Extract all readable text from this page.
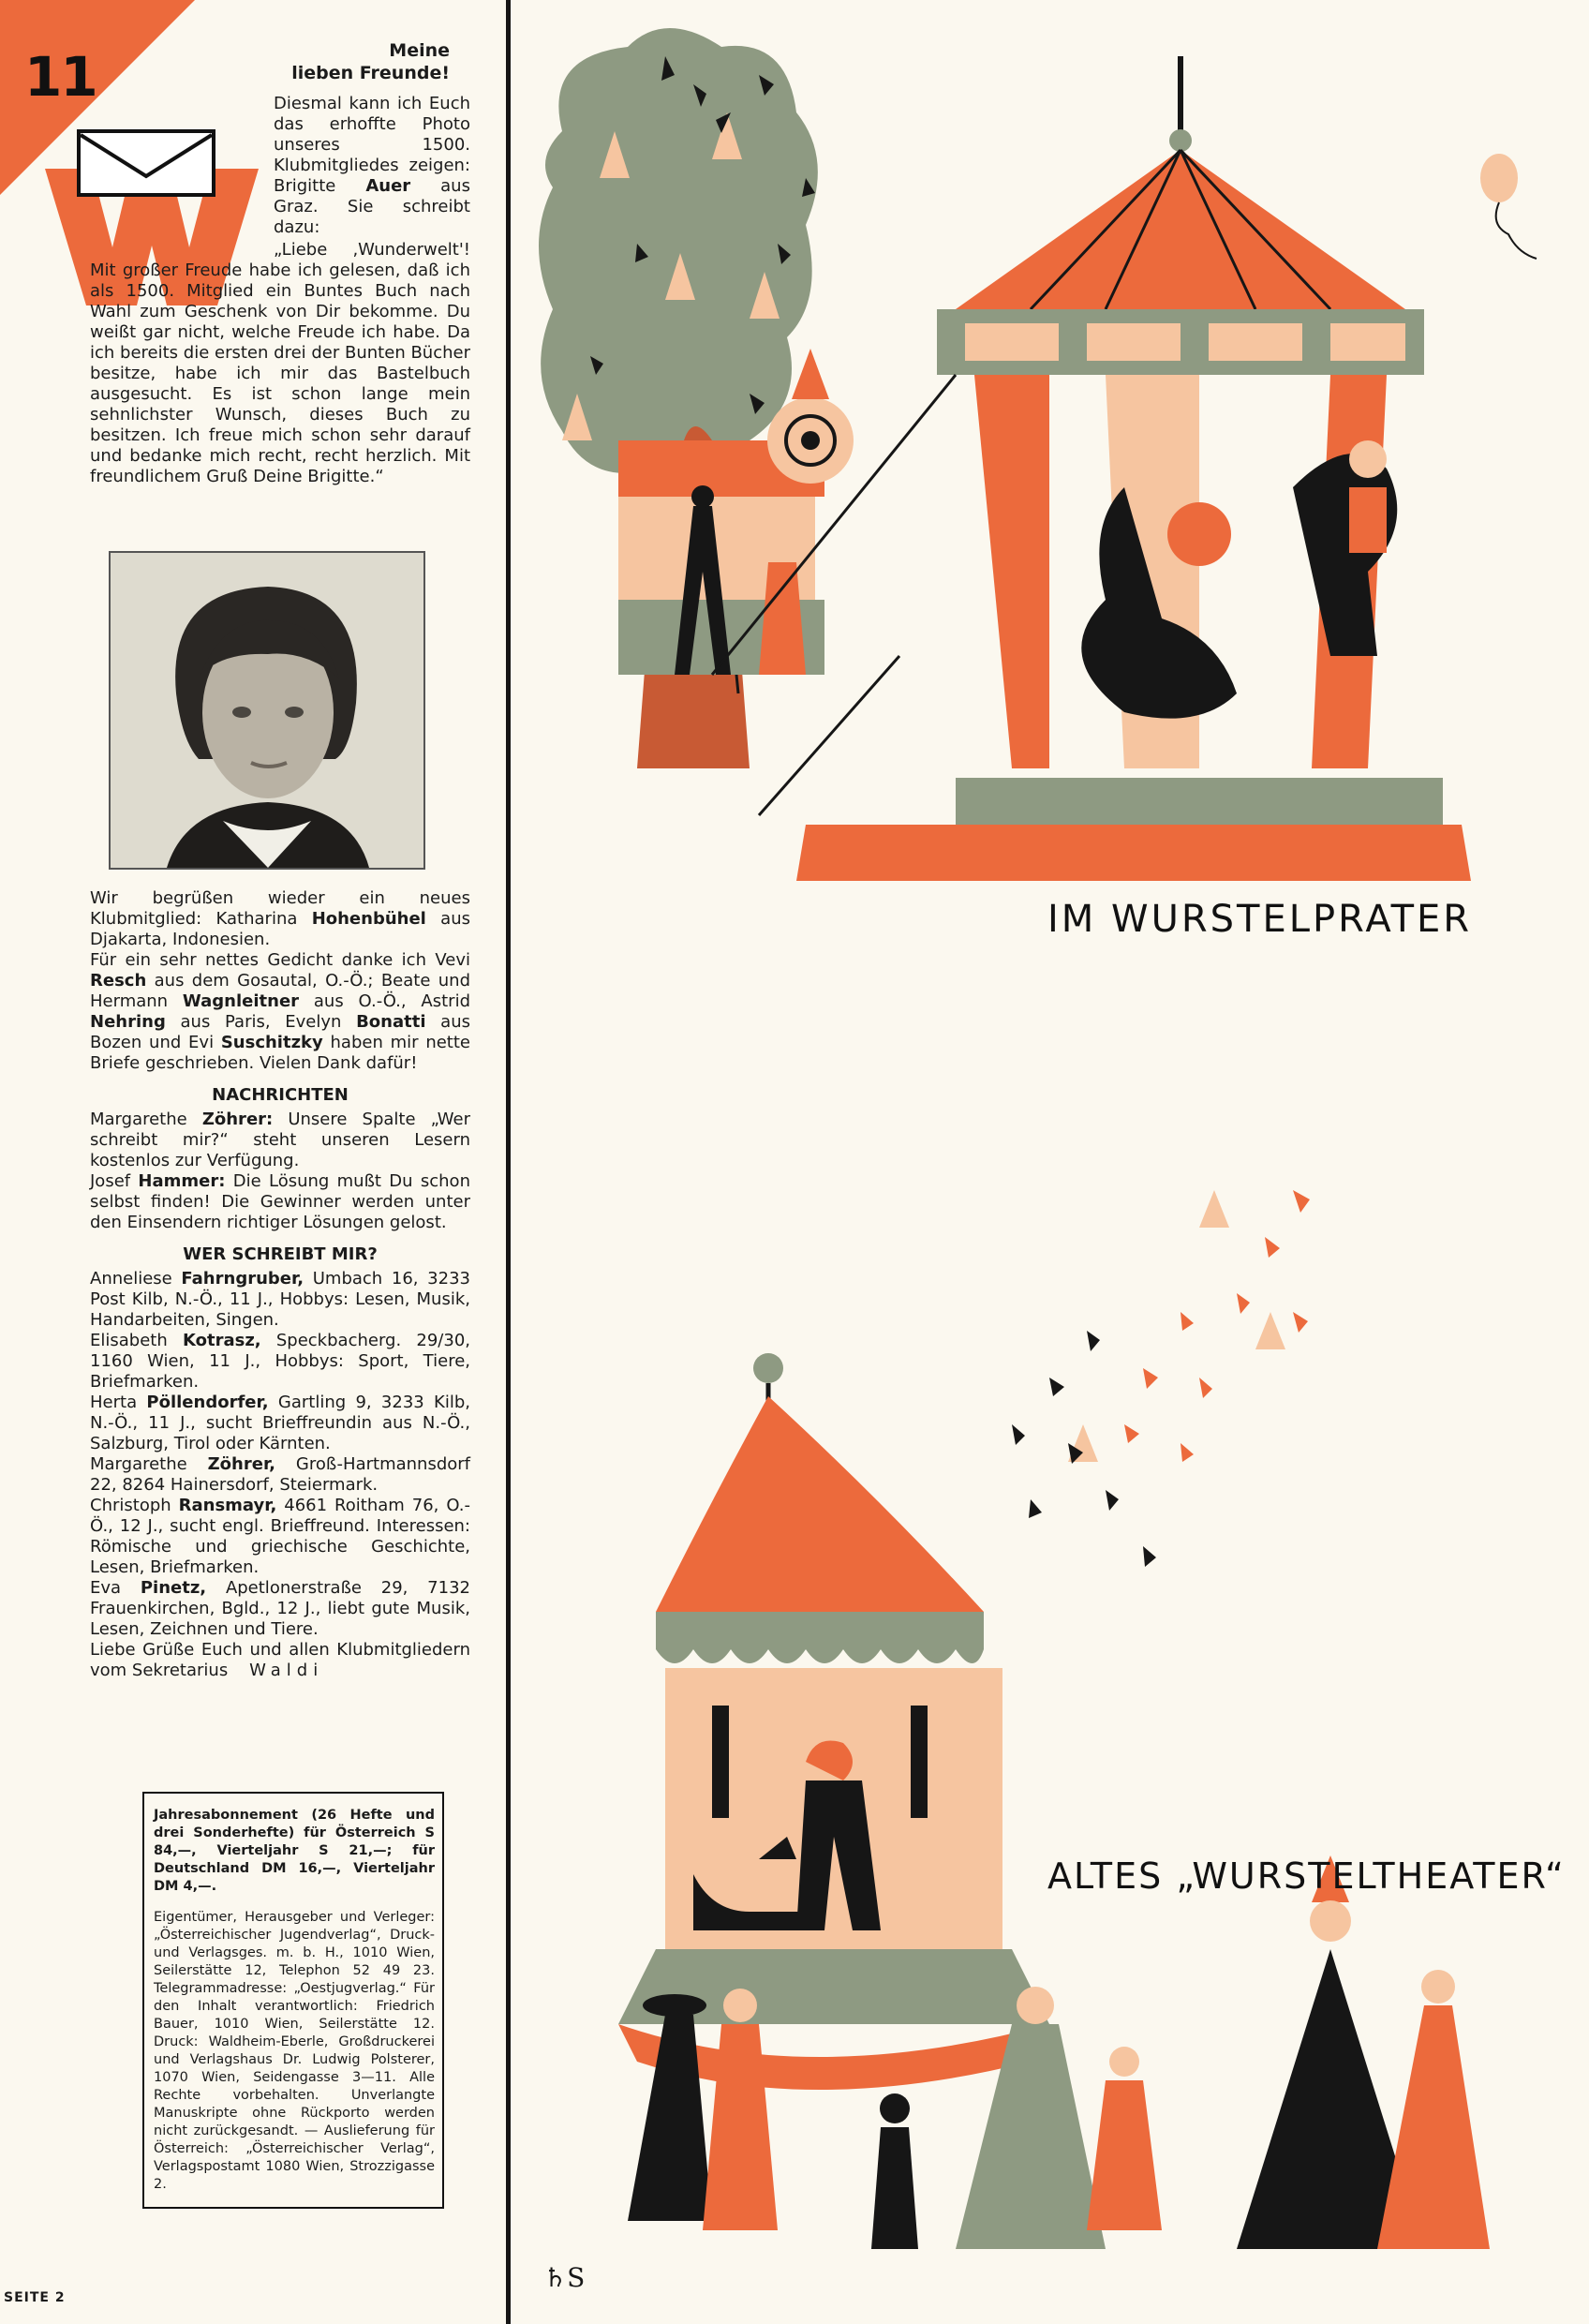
11	Meine
lieben Freunde!
Diesmal kann ich Euch das erhoffte Photo unseres 1500. Klubmitgliedes zeigen: Brigitte Auer aus Graz. Sie schreibt dazu:
„Liebe ‚Wunderwelt'! Mit großer Freude habe ich gelesen, daß ich als 1500. Mitglied ein Buntes Buch nach Wahl zum Geschenk von Dir bekomme. Du weißt gar nicht, welche Freude ich habe. Da ich bereits die ersten drei der Bunten Bücher besitze, habe ich mir das Bastelbuch ausgesucht. Es ist schon lange mein sehnlichster Wunsch, dieses Buch zu besitzen. Ich freue mich schon sehr darauf und bedanke mich recht, recht herzlich. Mit freundlichem Gruß Deine Brigitte.“

Wir begrüßen wieder ein neues Klubmitglied: Katharina Hohenbühel aus Djakarta, Indonesien.

Für ein sehr nettes Gedicht danke ich Vevi Resch aus dem Gosautal, O.-Ö.; Beate und Hermann Wagnleitner aus O.-Ö., Astrid Nehring aus Paris, Evelyn Bonatti aus Bozen und Evi Suschitzky haben mir nette Briefe geschrieben. Vielen Dank dafür!

NACHRICHTEN

Margarethe Zöhrer: Unsere Spalte „Wer schreibt mir?“ steht unseren Lesern kostenlos zur Verfügung.

Josef Hammer: Die Lösung mußt Du schon selbst finden! Die Gewinner werden unter den Einsendern richtiger Lösungen gelost.

WER SCHREIBT MIR?

Anneliese Fahrngruber, Umbach 16, 3233 Post Kilb, N.-Ö., 11 J., Hobbys: Lesen, Musik, Handarbeiten, Singen.

Elisabeth Kotrasz, Speckbacherg. 29/30, 1160 Wien, 11 J., Hobbys: Sport, Tiere, Briefmarken.

Herta Pöllendorfer, Gartling 9, 3233 Kilb, N.-Ö., 11 J., sucht Brieffreundin aus N.-Ö., Salzburg, Tirol oder Kärnten.

Margarethe Zöhrer, Groß-Hartmannsdorf 22, 8264 Hainersdorf, Steiermark.

Christoph Ransmayr, 4661 Roitham 76, O.-Ö., 12 J., sucht engl. Brieffreund. Interessen: Römische und griechische Geschichte, Lesen, Briefmarken.

Eva Pinetz, Apetlonerstraße 29, 7132 Frauenkirchen, Bgld., 12 J., liebt gute Musik, Lesen, Zeichnen und Tiere.

Liebe Grüße Euch und allen Klubmitgliedern vom Sekretarius Waldi

Jahresabonnement (26 Hefte und drei Sonderhefte) für Österreich S 84,—, Vierteljahr S 21,—; für Deutschland DM 16,—, Vierteljahr DM 4,—.
Eigentümer, Herausgeber und Verleger: „Österreichischer Jugendverlag“, Druck- und Verlagsges. m. b. H., 1010 Wien, Seilerstätte 12, Telephon 52 49 23. Telegrammadresse: „Oestjugverlag.“ Für den Inhalt verantwortlich: Friedrich Bauer, 1010 Wien, Seilerstätte 12. Druck: Waldheim-Eberle, Großdruckerei und Verlagshaus Dr. Ludwig Polsterer, 1070 Wien, Seidengasse 3—11. Alle Rechte vorbehalten. Unverlangte Manuskripte ohne Rückporto werden nicht zurückgesandt. — Auslieferung für Österreich: „Österreichischer Verlag“, Verlagspostamt 1080 Wien, Strozzigasse 2.
SEITE 2
♄S
IM WURSTELPRATER
ALTES „WURSTELTHEATER“
